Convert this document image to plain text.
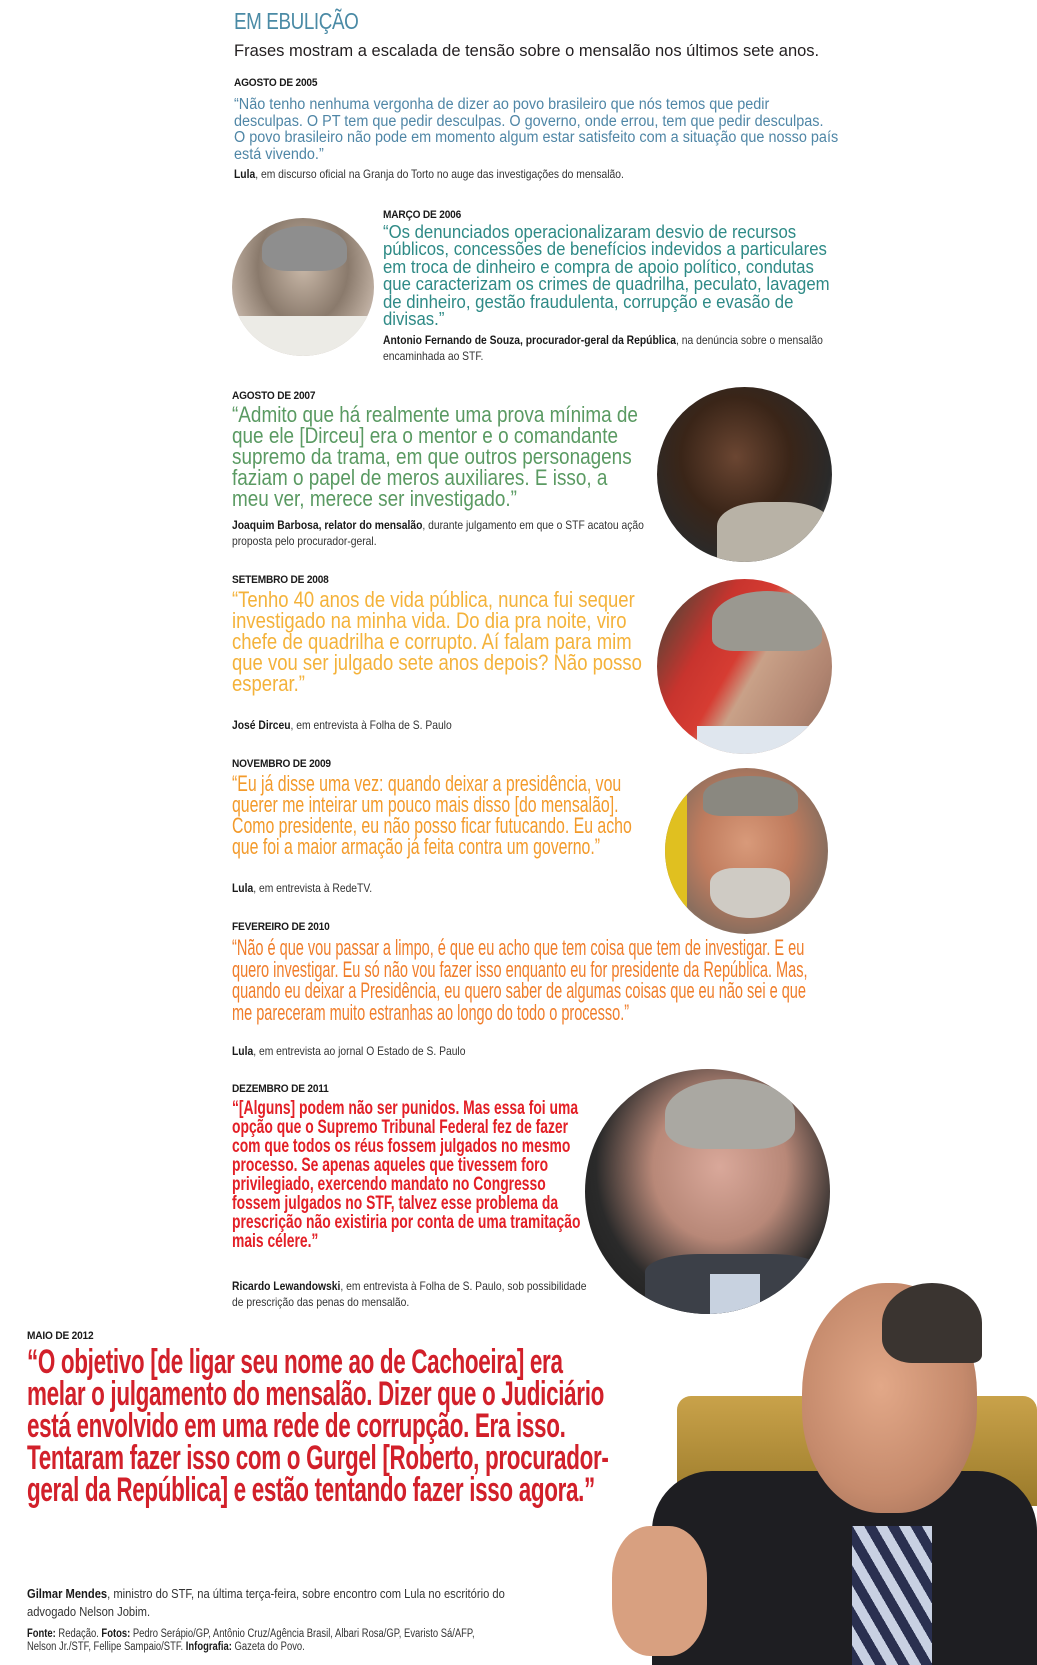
EM EBULIÇÃO
Frases mostram a escalada de tensão sobre o mensalão nos últimos sete anos.
AGOSTO DE 2005
“Não tenho nenhuma vergonha de dizer ao povo brasileiro que nós temos que pedir desculpas. O PT tem que pedir desculpas. O governo, onde errou, tem que pedir desculpas. O povo brasileiro não pode em momento algum estar satisfeito com a situação que nosso país está vivendo.”
Lula, em discurso oficial na Granja do Torto no auge das investigações do mensalão.
MARÇO DE 2006
“Os denunciados operacionalizaram desvio de recursos públicos, concessões de benefícios indevidos a particulares em troca de dinheiro e compra de apoio político, condutas que caracterizam os crimes de quadrilha, peculato, lavagem de dinheiro, gestão fraudulenta, corrupção e evasão de divisas.”
Antonio Fernando de Souza, procurador-geral da República, na denúncia sobre o mensalão encaminhada ao STF.
AGOSTO DE 2007
“Admito que há realmente uma prova mínima de que ele [Dirceu] era o mentor e o comandante supremo da trama, em que outros personagens faziam o papel de meros auxiliares. E isso, a meu ver, merece ser investigado.”
Joaquim Barbosa, relator do mensalão, durante julgamento em que o STF acatou ação proposta pelo procurador-geral.
SETEMBRO DE 2008
“Tenho 40 anos de vida pública, nunca fui sequer investigado na minha vida. Do dia pra noite, viro chefe de quadrilha e corrupto. Aí falam para mim que vou ser julgado sete anos depois? Não posso esperar.”
José Dirceu, em entrevista à Folha de S. Paulo
NOVEMBRO DE 2009
“Eu já disse uma vez: quando deixar a presidência, vou querer me inteirar um pouco mais disso [do mensalão]. Como presidente, eu não posso ficar futucando. Eu acho que foi a maior armação já feita contra um governo.”
Lula, em entrevista à RedeTV.
FEVEREIRO DE 2010
“Não é que vou passar a limpo, é que eu acho que tem coisa que tem de investigar. E eu quero investigar. Eu só não vou fazer isso enquanto eu for presidente da República. Mas, quando eu deixar a Presidência, eu quero saber de algumas coisas que eu não sei e que me pareceram muito estranhas ao longo do todo o processo.”
Lula, em entrevista ao jornal O Estado de S. Paulo
DEZEMBRO DE 2011
“[Alguns] podem não ser punidos. Mas essa foi uma opção que o Supremo Tribunal Federal fez de fazer com que todos os réus fossem julgados no mesmo processo. Se apenas aqueles que tivessem foro privilegiado, exercendo mandato no Congresso fossem julgados no STF, talvez esse problema da prescrição não existiria por conta de uma tramitação mais célere.”
Ricardo Lewandowski, em entrevista à Folha de S. Paulo, sob possibilidade de prescrição das penas do mensalão.
MAIO DE 2012
“O objetivo [de ligar seu nome ao de Cachoeira] era melar o julgamento do mensalão. Dizer que o Judiciário está envolvido em uma rede de corrupção. Era isso. Tentaram fazer isso com o Gurgel [Roberto, procurador-geral da República] e estão tentando fazer isso agora.”
Gilmar Mendes, ministro do STF, na última terça-feira, sobre encontro com Lula no escritório do advogado Nelson Jobim.
Fonte: Redação. Fotos: Pedro Serápio/GP, Antônio Cruz/Agência Brasil, Albari Rosa/GP, Evaristo Sá/AFP, Nelson Jr./STF, Fellipe Sampaio/STF. Infografia: Gazeta do Povo.
